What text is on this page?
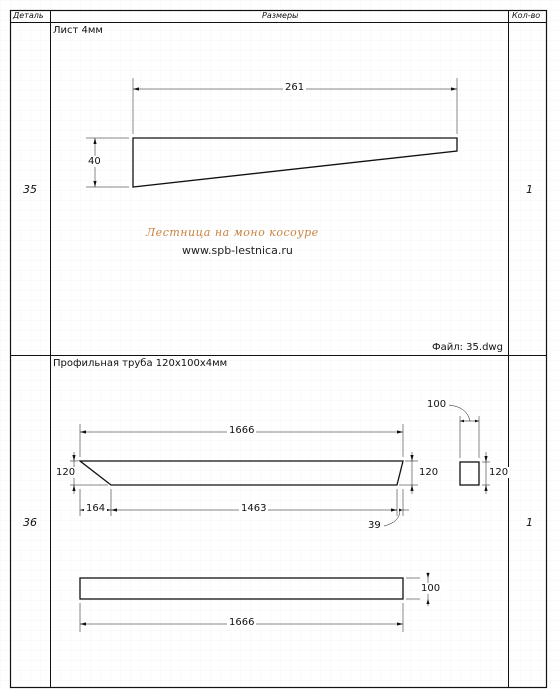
Деталь	Размеры	Кол-во
35	1
Лист 4мм
261
40
Лестница на моно косоуре
www.spb-lestnica.ru
Файл: 35.dwg
36	1
Профильная труба 120х100х4мм
1666
120	120
164	1463
39
100
120
1666
100
